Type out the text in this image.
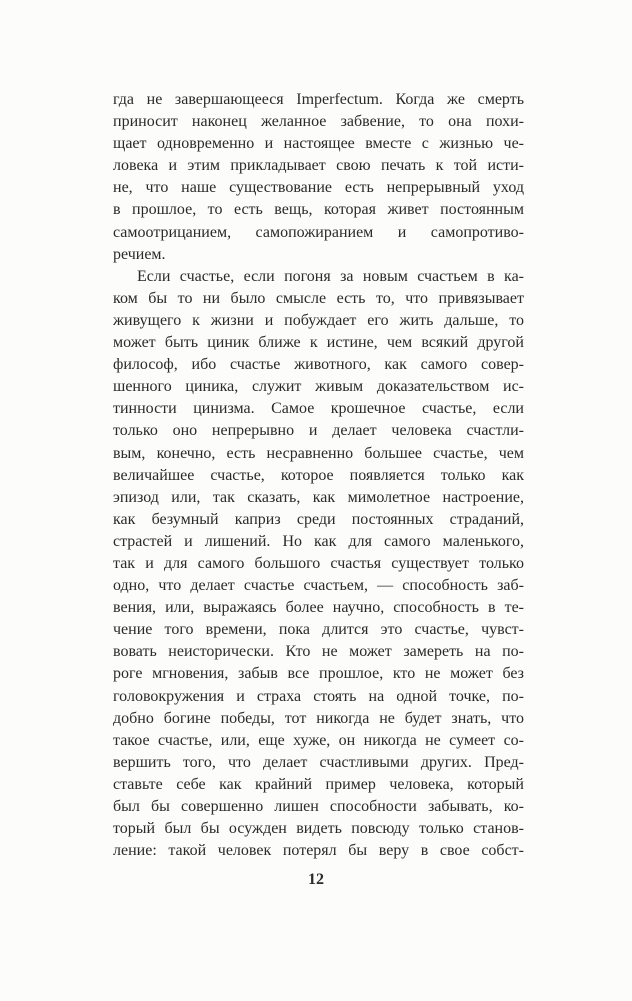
гда не завершающееся Imperfectum. Когда же смерть
приносит наконец желанное забвение, то она похи-
щает одновременно и настоящее вместе с жизнью че-
ловека и этим прикладывает свою печать к той исти-
не, что наше существование есть непрерывный уход
в прошлое, то есть вещь, которая живет постоянным
самоотрицанием, самопожиранием и самопротиво-
речием.
Если счастье, если погоня за новым счастьем в ка-
ком бы то ни было смысле есть то, что привязывает
живущего к жизни и побуждает его жить дальше, то
может быть циник ближе к истине, чем всякий другой
философ, ибо счастье животного, как самого совер-
шенного циника, служит живым доказательством ис-
тинности цинизма. Самое крошечное счастье, если
только оно непрерывно и делает человека счастли-
вым, конечно, есть несравненно большее счастье, чем
величайшее счастье, которое появляется только как
эпизод или, так сказать, как мимолетное настроение,
как безумный каприз среди постоянных страданий,
страстей и лишений. Но как для самого маленького,
так и для самого большого счастья существует только
одно, что делает счастье счастьем, — способность заб-
вения, или, выражаясь более научно, способность в те-
чение того времени, пока длится это счастье, чувст-
вовать неисторически. Кто не может замереть на по-
роге мгновения, забыв все прошлое, кто не может без
головокружения и страха стоять на одной точке, по-
добно богине победы, тот никогда не будет знать, что
такое счастье, или, еще хуже, он никогда не сумеет со-
вершить того, что делает счастливыми других. Пред-
ставьте себе как крайний пример человека, который
был бы совершенно лишен способности забывать, ко-
торый был бы осужден видеть повсюду только станов-
ление: такой человек потерял бы веру в свое собст-
12
